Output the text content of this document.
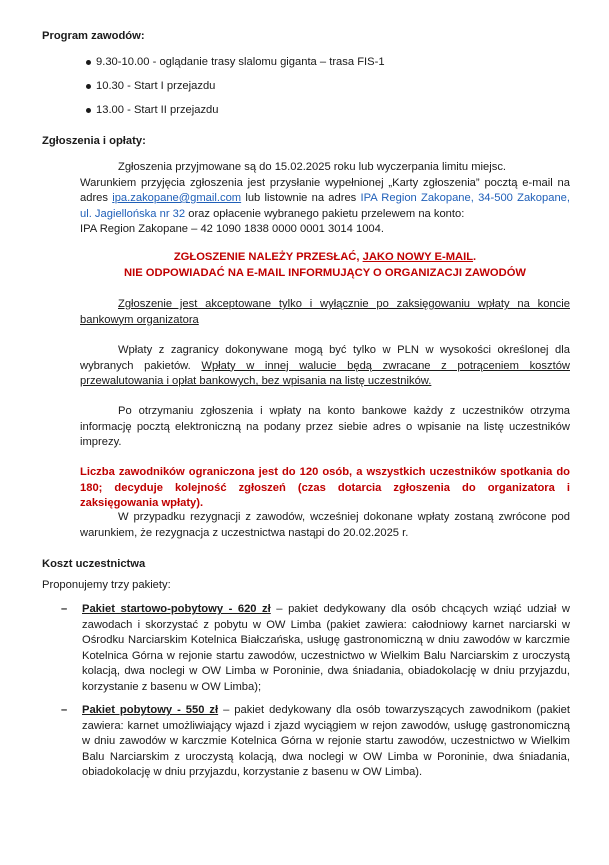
Program zawodów:
9.30-10.00 - oglądanie trasy slalomu giganta – trasa FIS-1
10.30 - Start I przejazdu
13.00 - Start II przejazdu
Zgłoszenia i opłaty:
Zgłoszenia przyjmowane są do 15.02.2025 roku lub wyczerpania limitu miejsc.
Warunkiem przyjęcia zgłoszenia jest przysłanie wypełnionej „Karty zgłoszenia” pocztą e-mail na adres ipa.zakopane@gmail.com lub listownie na adres IPA Region Zakopane, 34-500 Zakopane, ul. Jagiellońska nr 32 oraz opłacenie wybranego pakietu przelewem na konto:
IPA Region Zakopane – 42 1090 1838 0000 0001 3014 1004.
ZGŁOSZENIE NALEŻY PRZESŁAĆ, JAKO NOWY E-MAIL.
NIE ODPOWIADAĆ NA E-MAIL INFORMUJĄCY O ORGANIZACJI ZAWODÓW
Zgłoszenie jest akceptowane tylko i wyłącznie po zaksięgowaniu wpłaty na koncie bankowym organizatora
Wpłaty z zagranicy dokonywane mogą być tylko w PLN w wysokości określonej dla wybranych pakietów. Wpłaty w innej walucie będą zwracane z potrąceniem kosztów przewalutowania i opłat bankowych, bez wpisania na listę uczestników.
Po otrzymaniu zgłoszenia i wpłaty na konto bankowe każdy z uczestników otrzyma informację pocztą elektroniczną na podany przez siebie adres o wpisanie na listę uczestników imprezy.
Liczba zawodników ograniczona jest do 120 osób, a wszystkich uczestników spotkania do 180; decyduje kolejność zgłoszeń (czas dotarcia zgłoszenia do organizatora i zaksięgowania wpłaty).
W przypadku rezygnacji z zawodów, wcześniej dokonane wpłaty zostaną zwrócone pod warunkiem, że rezygnacja z uczestnictwa nastąpi do 20.02.2025 r.
Koszt uczestnictwa
Proponujemy trzy pakiety:
– Pakiet startowo-pobytowy - 620 zł – pakiet dedykowany dla osób chcących wziąć udział w zawodach i skorzystać z pobytu w OW Limba (pakiet zawiera: całodniowy karnet narciarski w Ośrodku Narciarskim Kotelnica Białczańska, usługę gastronomiczną w dniu zawodów w karczmie Kotelnica Górna w rejonie startu zawodów, uczestnictwo w Wielkim Balu Narciarskim z uroczystą kolacją, dwa noclegi w OW Limba w Poroninie, dwa śniadania, obiadokolację w dniu przyjazdu, korzystanie z basenu w OW Limba);
– Pakiet pobytowy - 550 zł – pakiet dedykowany dla osób towarzyszących zawodnikom (pakiet zawiera: karnet umożliwiający wjazd i zjazd wyciągiem w rejon zawodów, usługę gastronomiczną w dniu zawodów w karczmie Kotelnica Górna w rejonie startu zawodów, uczestnictwo w Wielkim Balu Narciarskim z uroczystą kolacją, dwa noclegi w OW Limba w Poroninie, dwa śniadania, obiadokolację w dniu przyjazdu, korzystanie z basenu w OW Limba).
